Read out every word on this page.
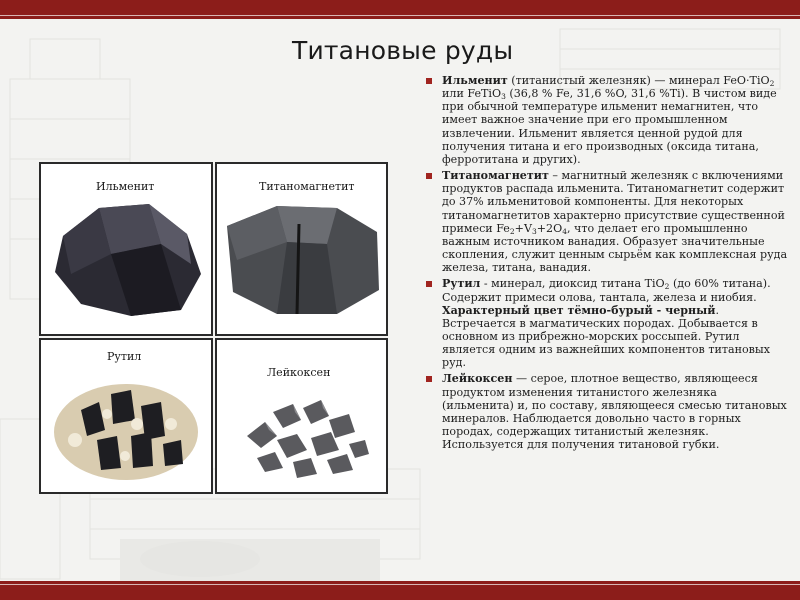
Титановые руды
Ильменит	Титаномагнетит
Рутил
Лейкоксен

Ильменит (титанистый железняк) — минерал FeO·TiO$_2$ или FeTiO$_3$ (36,8 % Fe, 31,6 %O, 31,6 %Ti). В чистом виде при обычной температуре ильменит немагнитен, что имеет важное значение при его промышленном извлечении. Ильменит является ценной рудой для получения титана и его производных (оксида титана, ферротитана и других).

Титаномагнетит – магнитный железняк с включениями продуктов распада ильменита. Титаномагнетит содержит до 37% ильменитовой компоненты. Для некоторых титаномагнетитов характерно присутствие существенной примеси $Fe_2+V_3+2O_4$, что делает его промышленно важным источником ванадия. Образует значительные скопления, служит ценным сырьём как комплексная руда железа, титана, ванадия.

Рутил - минерал, диоксид титана TiO$_2$ (до 60% титана). Содержит примеси олова, тантала, железа и ниобия. Характерный цвет тёмно-бурый - черный. Встречается в магматических породах. Добывается в основном из прибрежно-морских россыпей. Рутил является одним из важнейших компонентов титановых руд.

Лейкоксен — серое, плотное вещество, являющееся продуктом изменения титанистого железняка (ильменита) и, по составу, являющееся смесью титановых минералов. Наблюдается довольно часто в горных породах, содержащих титанистый железняк. Используется для получения титановой губки.
